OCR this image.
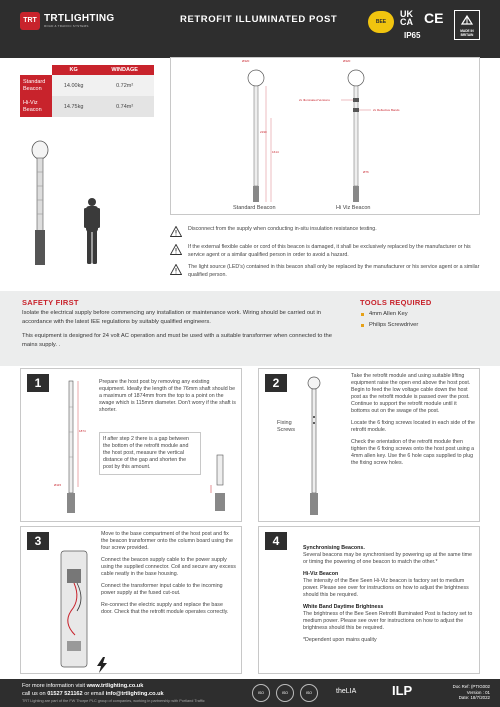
TRT TRTLIGHTING
ROAD & TRAFFIC SYSTEMS
RETROFIT ILLUMINATED POST	BEE
UK CA CE
IP65	MADE IN BRITAIN
	KG	WINDAGE
Standard Beacon	14.00kg	0.72m²
Hi-Viz Beacon	14.75kg	0.74m²
Ø320	Ø320
2x Illuminated Versions
2x Reflective Bands
2190
1614
Ø76
Standard Beacon	Hi Viz Beacon
Disconnect from the supply when conducting in-situ insulation resistance testing.
If the external flexible cable or cord of this beacon is damaged, it shall be exclusively replaced by the manufacturer or his service agent or a similar qualified person in order to avoid a hazard.
The light source (LED’s) contained in this beacon shall only be replaced by the manufacturer or his service agent or a similar qualified person.
SAFETY FIRST
Isolate the electrical supply before commencing any installation or maintenance work. Wiring should be carried out in accordance with the latest IEE regulations by suitably qualified engineers.
This equipment is designed for 24 volt AC operation and must be used with a suitable transformer when connected to the mains supply. .
TOOLS REQUIRED
4mm Allen Key
Philips Screwdriver
1
1874
Ø115

Prepare the host post by removing any existing equipment. Ideally the length of the 76mm shaft should be a maximum of 1874mm from the top to a point on the swage which is 115mm diameter. Don't worry if the shaft is shorter.

If after step 2 there is a gap between the bottom of the retrofit module and the host post, measure the vertical distance of the gap and shorten the post by this amount.

2
Fixing Screws

Take the retrofit module and using suitable lifting equipment raise the open end above the host post. Begin to feed the low voltage cable down the host post as the retrofit module is passed over the post. Continue to support the retrofit module until it bottoms out on the swage of the post.

Locate the 6 fixing screws located in each side of the retrofit module.

Check the orientation of the retrofit module then tighten the 6 fixing screws onto the host post using a 4mm allen key. Use the 6 hole caps supplied to plug the fixing screw holes.

3	Move to the base compartment of the host post and fix the beacon transformer onto the column board using the four screw provided.

Connect the beacon supply cable to the power supply using the supplied connector. Coil and secure any excess cable neatly in the base housing.

Connect the transformer input cable to the incoming power supply at the fused cut-out.

Re-connect the electric supply and replace the base door. Check that the retrofit module operates correctly.

4	Synchronising Beacons.
Several beacons may be synchronised by powering up at the same time or timing the powering of one beacon to match the other.*

Hi-Viz Beacon
The intensity of the Bee Seen Hi-Viz beacon is factory set to medium power. Please see over for instructions on how to adjust the brightness should this be required.

White Band Daytime Brightness
The brightness of the Bee Seen Retrofit Illuminated Post is factory set to medium power. Please see over for instructions on how to adjust the brightness should this be required.

*Dependent upon mains quality

For more information visit www.trtlighting.co.uk
call us on 01527 521162 or email info@trtlighting.co.uk
TRT Lighting are part of the FW Thorpe PLC group of companies, working in partnership with Portland Traffic
ISO	ISO	ISO	theLIA	ILP	Doc Ref: (PTIG002
Version : 01
Date: 18/7/2022
